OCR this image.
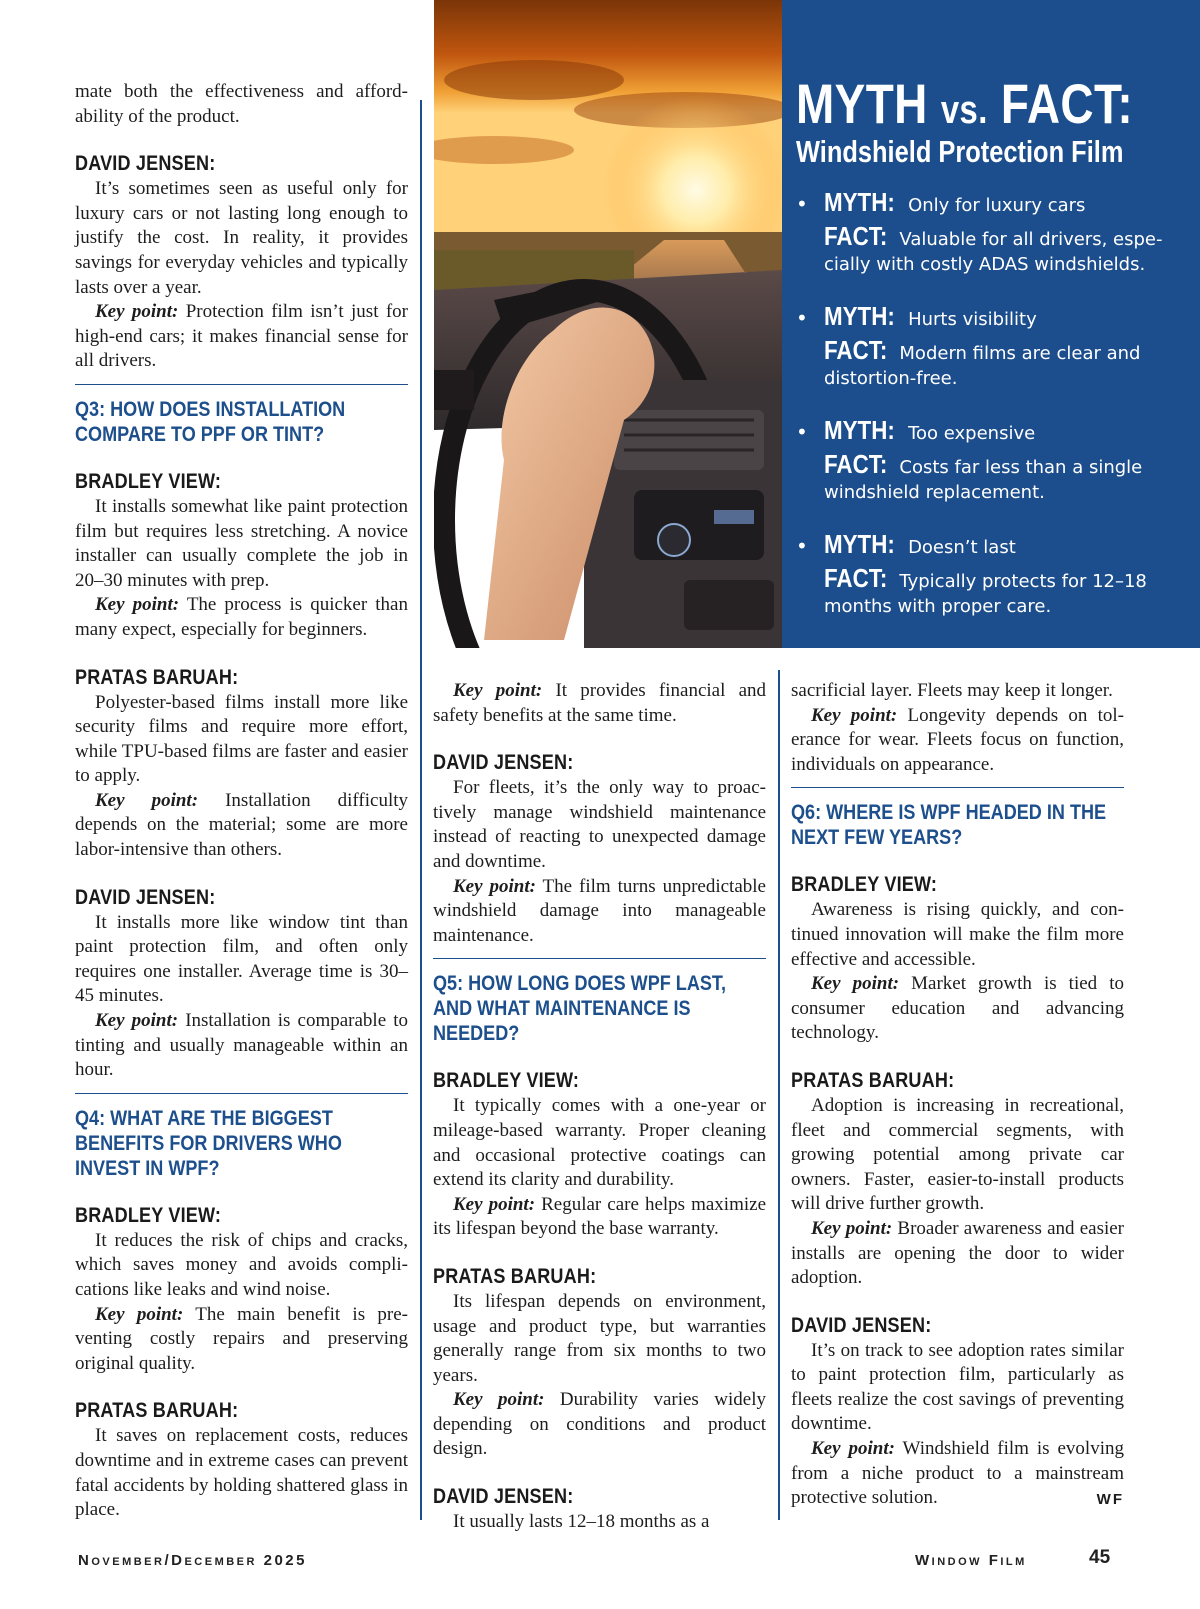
mate both the effectiveness and affordability of the product.

DAVID JENSEN:

It’s sometimes seen as useful only for luxury cars or not lasting long enough to justify the cost. In reality, it provides savings for everyday vehicles and typically lasts over a year.

Key point: Protection film isn’t just for high-end cars; it makes financial sense for all drivers.

Q3: HOW DOES INSTALLATION COMPARE TO PPF OR TINT?
BRADLEY VIEW:

It installs somewhat like paint protection film but requires less stretching. A novice installer can usually complete the job in 20–30 minutes with prep.

Key point: The process is quicker than many expect, especially for beginners.

PRATAS BARUAH:

Polyester-based films install more like security films and require more effort, while TPU-based films are faster and easier to apply.

Key point: Installation difficulty depends on the material; some are more labor-intensive than others.

DAVID JENSEN:

It installs more like window tint than paint protection film, and often only requires one installer. Average time is 30–45 minutes.

Key point: Installation is comparable to tinting and usually manageable within an hour.

Q4: WHAT ARE THE BIGGEST BENEFITS FOR DRIVERS WHO INVEST IN WPF?
BRADLEY VIEW:

It reduces the risk of chips and cracks, which saves money and avoids complications like leaks and wind noise.

Key point: The main benefit is preventing costly repairs and preserving original quality.

PRATAS BARUAH:

It saves on replacement costs, reduces downtime and in extreme cases can prevent fatal accidents by holding shattered glass in place.

MYTH vs. FACT:
Windshield Protection Film
• MYTH: Only for luxury cars
FACT: Valuable for all drivers, especially with costly ADAS windshields.
• MYTH: Hurts visibility
FACT: Modern films are clear and distortion-free.
• MYTH: Too expensive
FACT: Costs far less than a single windshield replacement.
• MYTH: Doesn’t last
FACT: Typically protects for 12–18 months with proper care.

Key point: It provides financial and safety benefits at the same time.

DAVID JENSEN:

For fleets, it’s the only way to proactively manage windshield maintenance instead of reacting to unexpected damage and downtime.

Key point: The film turns unpredictable windshield damage into manageable maintenance.

Q5: HOW LONG DOES WPF LAST, AND WHAT MAINTENANCE IS NEEDED?
BRADLEY VIEW:

It typically comes with a one-year or mileage-based warranty. Proper cleaning and occasional protective coatings can extend its clarity and durability.

Key point: Regular care helps maximize its lifespan beyond the base warranty.

PRATAS BARUAH:

Its lifespan depends on environment, usage and product type, but warranties generally range from six months to two years.

Key point: Durability varies widely depending on conditions and product design.

DAVID JENSEN:

It usually lasts 12–18 months as a

sacrificial layer. Fleets may keep it longer.

Key point: Longevity depends on tolerance for wear. Fleets focus on function, individuals on appearance.

Q6: WHERE IS WPF HEADED IN THE NEXT FEW YEARS?
BRADLEY VIEW:

Awareness is rising quickly, and continued innovation will make the film more effective and accessible.

Key point: Market growth is tied to consumer education and advancing technology.

PRATAS BARUAH:

Adoption is increasing in recreational, fleet and commercial segments, with growing potential among private car owners. Faster, easier-to-install products will drive further growth.

Key point: Broader awareness and easier installs are opening the door to wider adoption.

DAVID JENSEN:

It’s on track to see adoption rates similar to paint protection film, particularly as fleets realize the cost savings of preventing downtime.

Key point: Windshield film is evolving from a niche product to a mainstream protective solution.	WF

November/December 2025	Window Film	45
